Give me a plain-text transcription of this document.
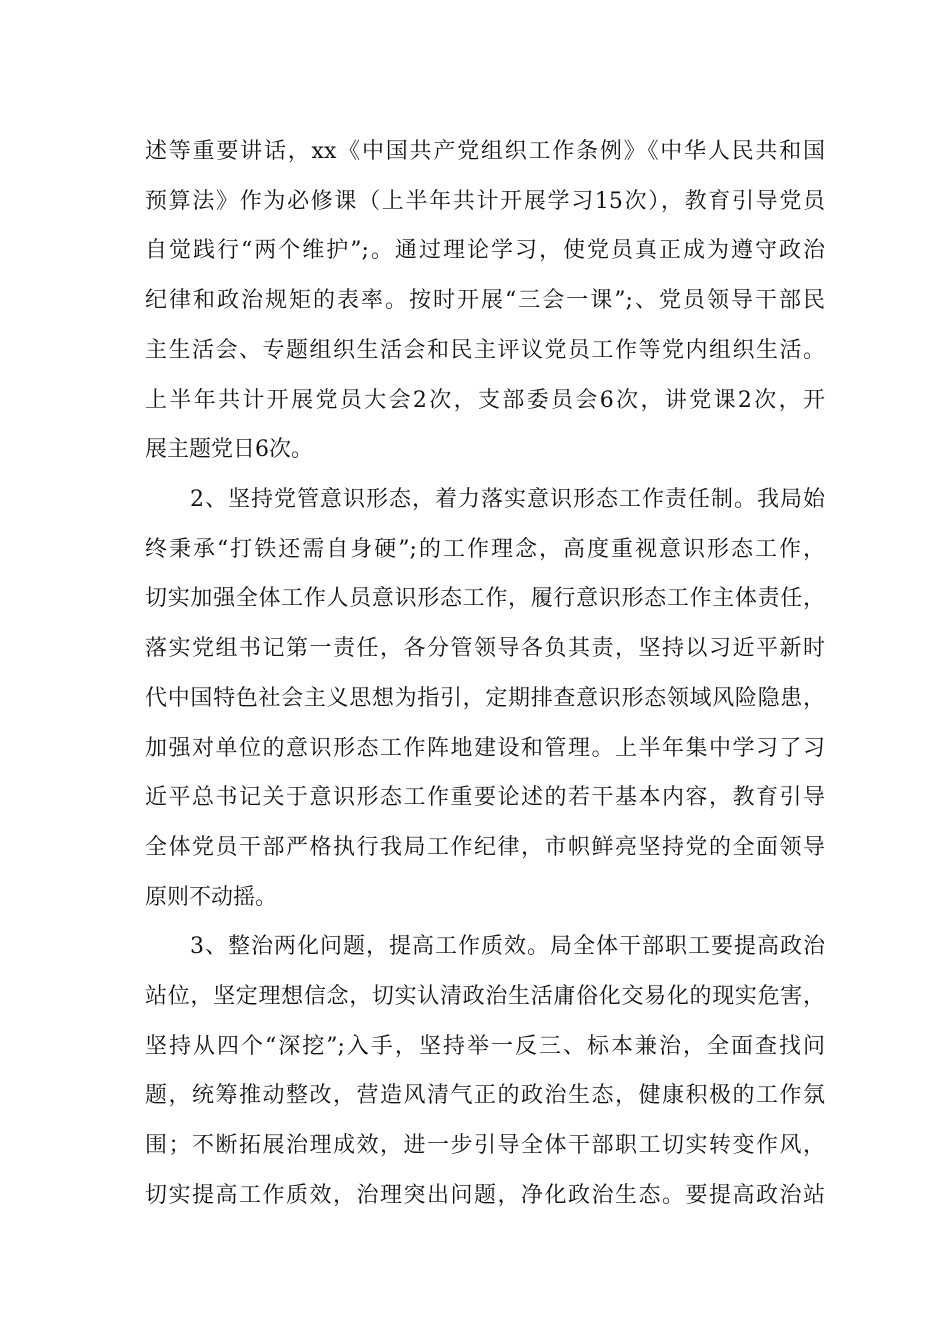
述等重要讲话，xx《中国共产党组织工作条例》《中华人民共和国
预算法》作为必修课（上半年共计开展学习15次），教育引导党员
自觉践行“两个维护”;。通过理论学习，使党员真正成为遵守政治
纪律和政治规矩的表率。按时开展“三会一课”;、党员领导干部民
主生活会、专题组织生活会和民主评议党员工作等党内组织生活。
上半年共计开展党员大会2次，支部委员会6次，讲党课2次，开
展主题党日6次。
2、坚持党管意识形态，着力落实意识形态工作责任制。我局始
终秉承“打铁还需自身硬”;的工作理念，高度重视意识形态工作，
切实加强全体工作人员意识形态工作，履行意识形态工作主体责任，
落实党组书记第一责任，各分管领导各负其责，坚持以习近平新时
代中国特色社会主义思想为指引，定期排查意识形态领域风险隐患，
加强对单位的意识形态工作阵地建设和管理。上半年集中学习了习
近平总书记关于意识形态工作重要论述的若干基本内容，教育引导
全体党员干部严格执行我局工作纪律，市帜鲜亮坚持党的全面领导
原则不动摇。
3、整治两化问题，提高工作质效。局全体干部职工要提高政治
站位，坚定理想信念，切实认清政治生活庸俗化交易化的现实危害，
坚持从四个“深挖”;入手，坚持举一反三、标本兼治，全面查找问
题，统筹推动整改，营造风清气正的政治生态，健康积极的工作氛
围；不断拓展治理成效，进一步引导全体干部职工切实转变作风，
切实提高工作质效，治理突出问题，净化政治生态。要提高政治站
